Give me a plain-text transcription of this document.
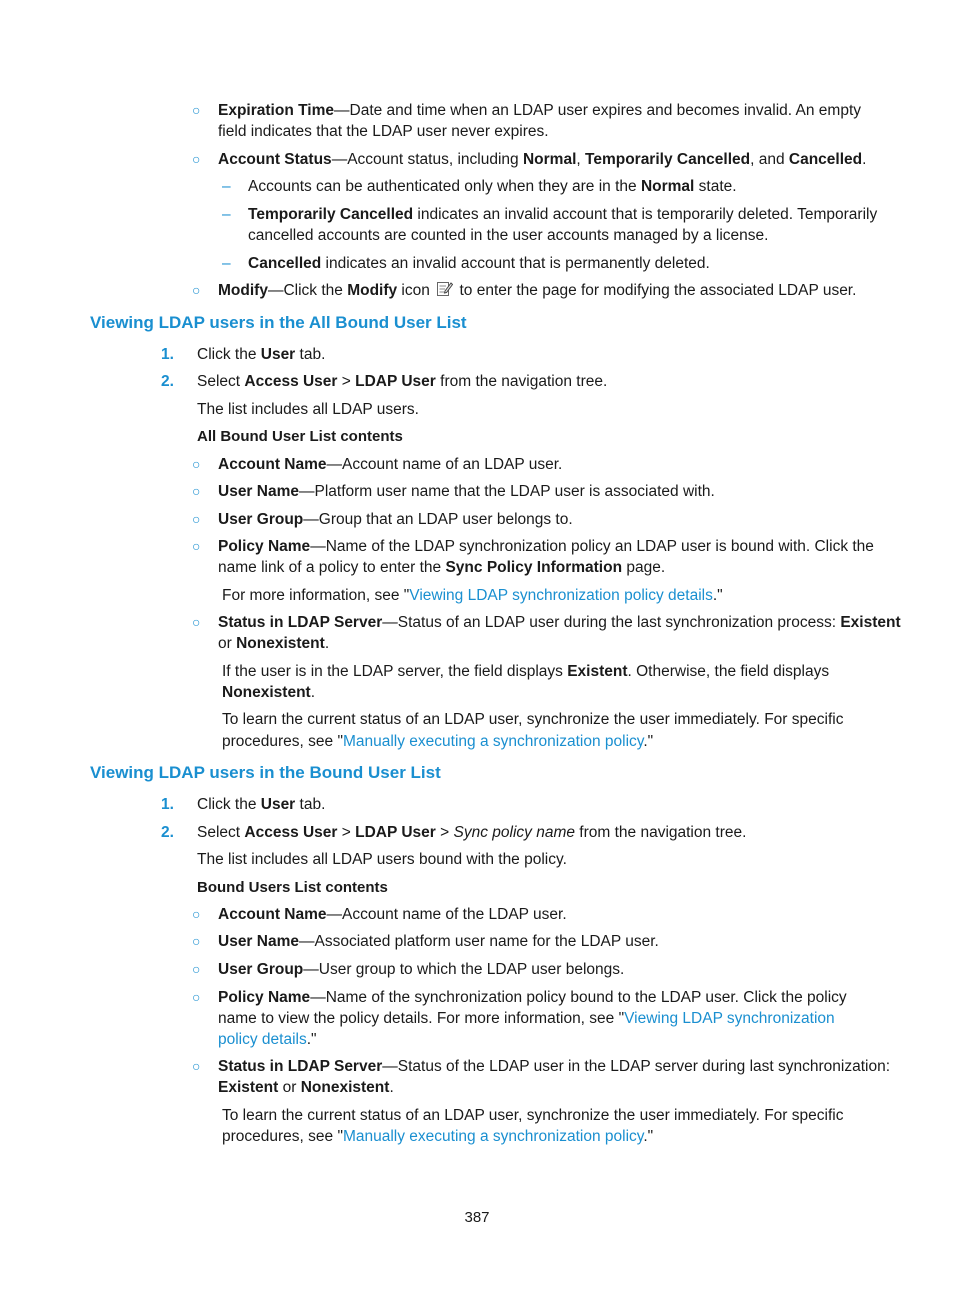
○ Expiration Time—Date and time when an LDAP user expires and becomes invalid. An empty
field indicates that the LDAP user never expires.
○ Account Status—Account status, including Normal, Temporarily Cancelled, and Cancelled.
– Accounts can be authenticated only when they are in the Normal state.
– Temporarily Cancelled indicates an invalid account that is temporarily deleted. Temporarily
cancelled accounts are counted in the user accounts managed by a license.
– Cancelled indicates an invalid account that is permanently deleted.
○ Modify—Click the Modify icon  to enter the page for modifying the associated LDAP user.
Viewing LDAP users in the All Bound User List
1. Click the User tab.
2. Select Access User > LDAP User from the navigation tree.
The list includes all LDAP users.
All Bound User List contents
○ Account Name—Account name of an LDAP user.
○ User Name—Platform user name that the LDAP user is associated with.
○ User Group—Group that an LDAP user belongs to.
○ Policy Name—Name of the LDAP synchronization policy an LDAP user is bound with. Click the
name link of a policy to enter the Sync Policy Information page.
For more information, see "Viewing LDAP synchronization policy details."
○ Status in LDAP Server—Status of an LDAP user during the last synchronization process: Existent
or Nonexistent.
If the user is in the LDAP server, the field displays Existent. Otherwise, the field displays
Nonexistent.
To learn the current status of an LDAP user, synchronize the user immediately. For specific
procedures, see "Manually executing a synchronization policy."
Viewing LDAP users in the Bound User List
1. Click the User tab.
2. Select Access User > LDAP User > Sync policy name from the navigation tree.
The list includes all LDAP users bound with the policy.
Bound Users List contents
○ Account Name—Account name of the LDAP user.
○ User Name—Associated platform user name for the LDAP user.
○ User Group—User group to which the LDAP user belongs.
○ Policy Name—Name of the synchronization policy bound to the LDAP user. Click the policy
name to view the policy details. For more information, see "Viewing LDAP synchronization
policy details."
○ Status in LDAP Server—Status of the LDAP user in the LDAP server during last synchronization:
Existent or Nonexistent.
To learn the current status of an LDAP user, synchronize the user immediately. For specific
procedures, see "Manually executing a synchronization policy."
387
